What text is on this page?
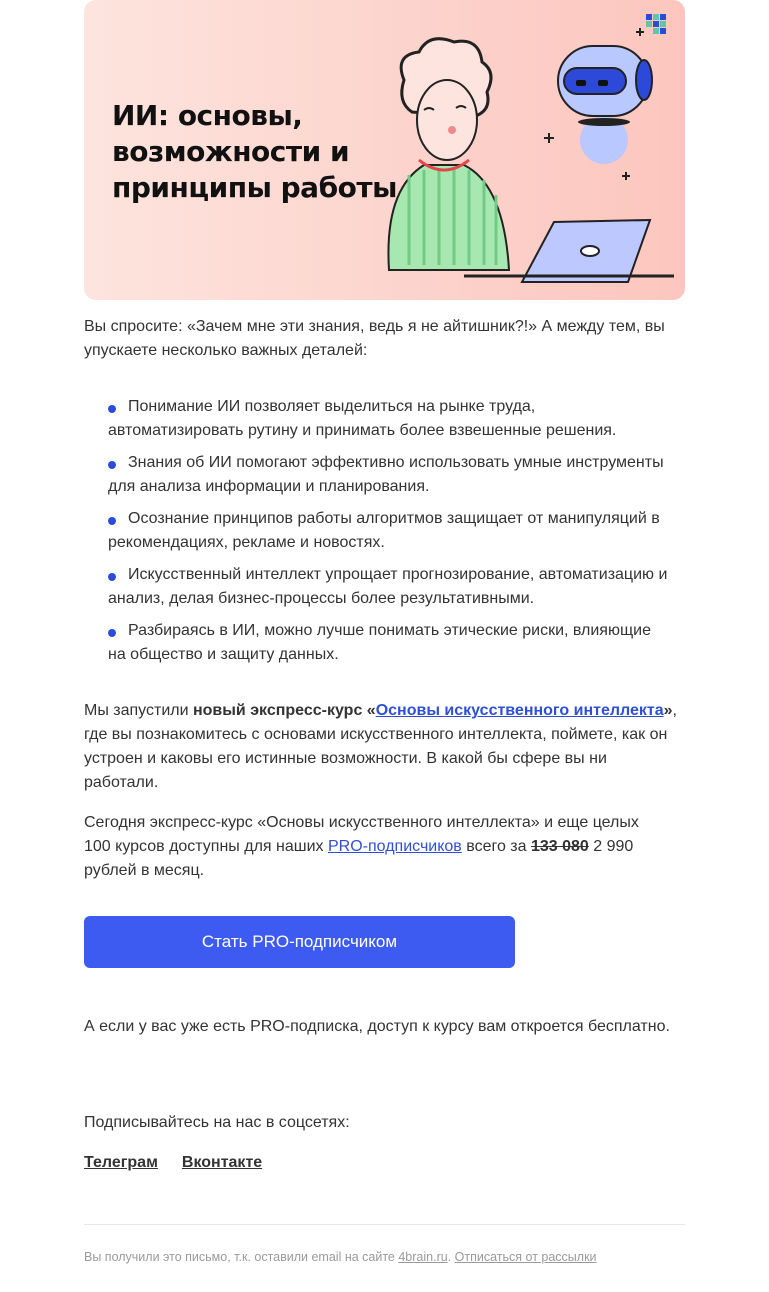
ИИ: основы,
возможности и
принципы работы
Вы спросите: «Зачем мне эти знания, ведь я не айтишник?!» А между тем, вы упускаете несколько важных деталей:
Понимание ИИ позволяет выделиться на рынке труда, автоматизировать рутину и принимать более взвешенные решения.
Знания об ИИ помогают эффективно использовать умные инструменты для анализа информации и планирования.
Осознание принципов работы алгоритмов защищает от манипуляций в рекомендациях, рекламе и новостях.
Искусственный интеллект упрощает прогнозирование, автоматизацию и анализ, делая бизнес-процессы более результативными.
Разбираясь в ИИ, можно лучше понимать этические риски, влияющие на общество и защиту данных.
Мы запустили новый экспресс-курс «Основы искусственного интеллекта», где вы познакомитесь с основами искусственного интеллекта, поймете, как он устроен и каковы его истинные возможности. В какой бы сфере вы ни работали.
Сегодня экспресс-курс «Основы искусственного интеллекта» и еще целых 100 курсов доступны для наших PRO-подписчиков всего за 133 080 2 990 рублей в месяц.
Стать PRO-подписчиком
А если у вас уже есть PRO-подписка, доступ к курсу вам откроется бесплатно.
Подписывайтесь на нас в соцсетях:
Телеграм Вконтакте
Вы получили это письмо, т.к. оставили email на сайте 4brain.ru. Отписаться от рассылки
